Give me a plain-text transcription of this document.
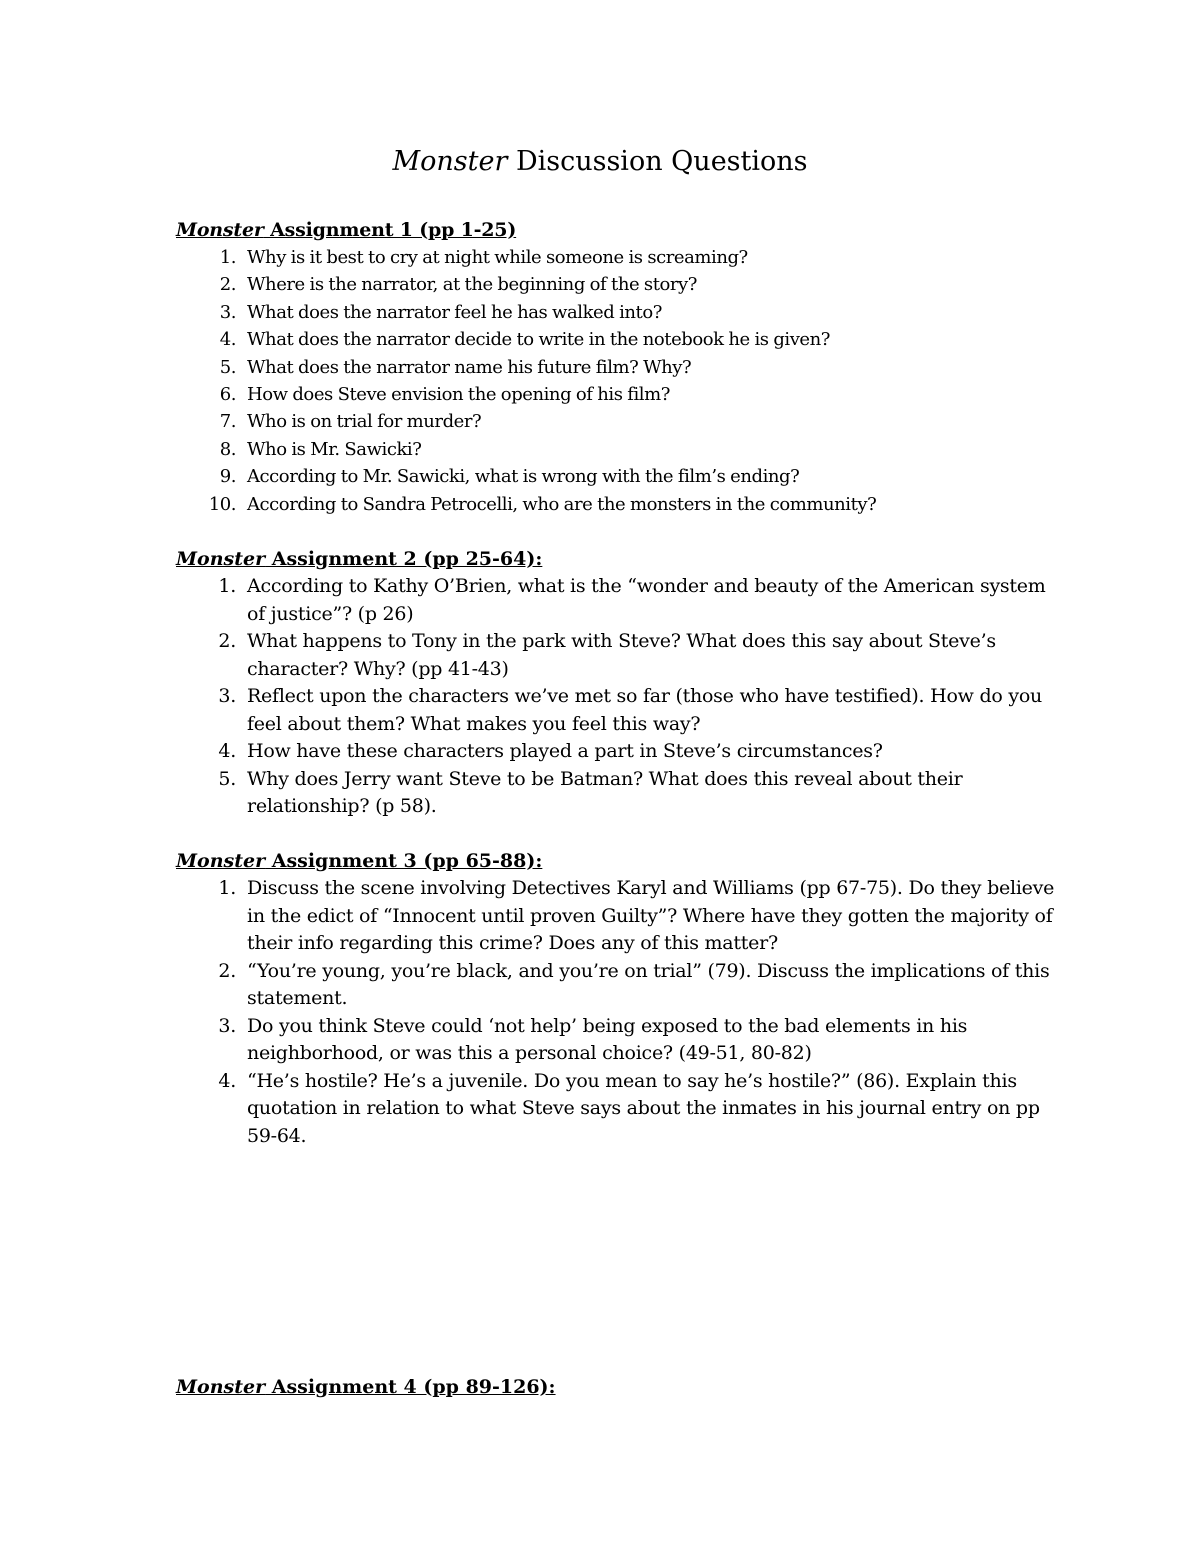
Monster Discussion Questions

Monster Assignment 1 (pp 1-25)

1. Why is it best to cry at night while someone is screaming?
2. Where is the narrator, at the beginning of the story?
3. What does the narrator feel he has walked into?
4. What does the narrator decide to write in the notebook he is given?
5. What does the narrator name his future film? Why?
6. How does Steve envision the opening of his film?
7. Who is on trial for murder?
8. Who is Mr. Sawicki?
9. According to Mr. Sawicki, what is wrong with the film’s ending?
10. According to Sandra Petrocelli, who are the monsters in the community?

Monster Assignment 2 (pp 25-64):

1. According to Kathy O’Brien, what is the “wonder and beauty of the American system of justice”? (p 26)
2. What happens to Tony in the park with Steve? What does this say about Steve’s character? Why? (pp 41-43)
3. Reflect upon the characters we’ve met so far (those who have testified). How do you feel about them? What makes you feel this way?
4. How have these characters played a part in Steve’s circumstances?
5. Why does Jerry want Steve to be Batman? What does this reveal about their relationship? (p 58).

Monster Assignment 3 (pp 65-88):

1. Discuss the scene involving Detectives Karyl and Williams (pp 67-75). Do they believe in the edict of “Innocent until proven Guilty”? Where have they gotten the majority of their info regarding this crime? Does any of this matter?
2. “You’re young, you’re black, and you’re on trial” (79). Discuss the implications of this statement.
3. Do you think Steve could ‘not help’ being exposed to the bad elements in his neighborhood, or was this a personal choice? (49-51, 80-82)
4. “He’s hostile? He’s a juvenile. Do you mean to say he’s hostile?” (86). Explain this quotation in relation to what Steve says about the inmates in his journal entry on pp 59-64.

Monster Assignment 4 (pp 89-126):
